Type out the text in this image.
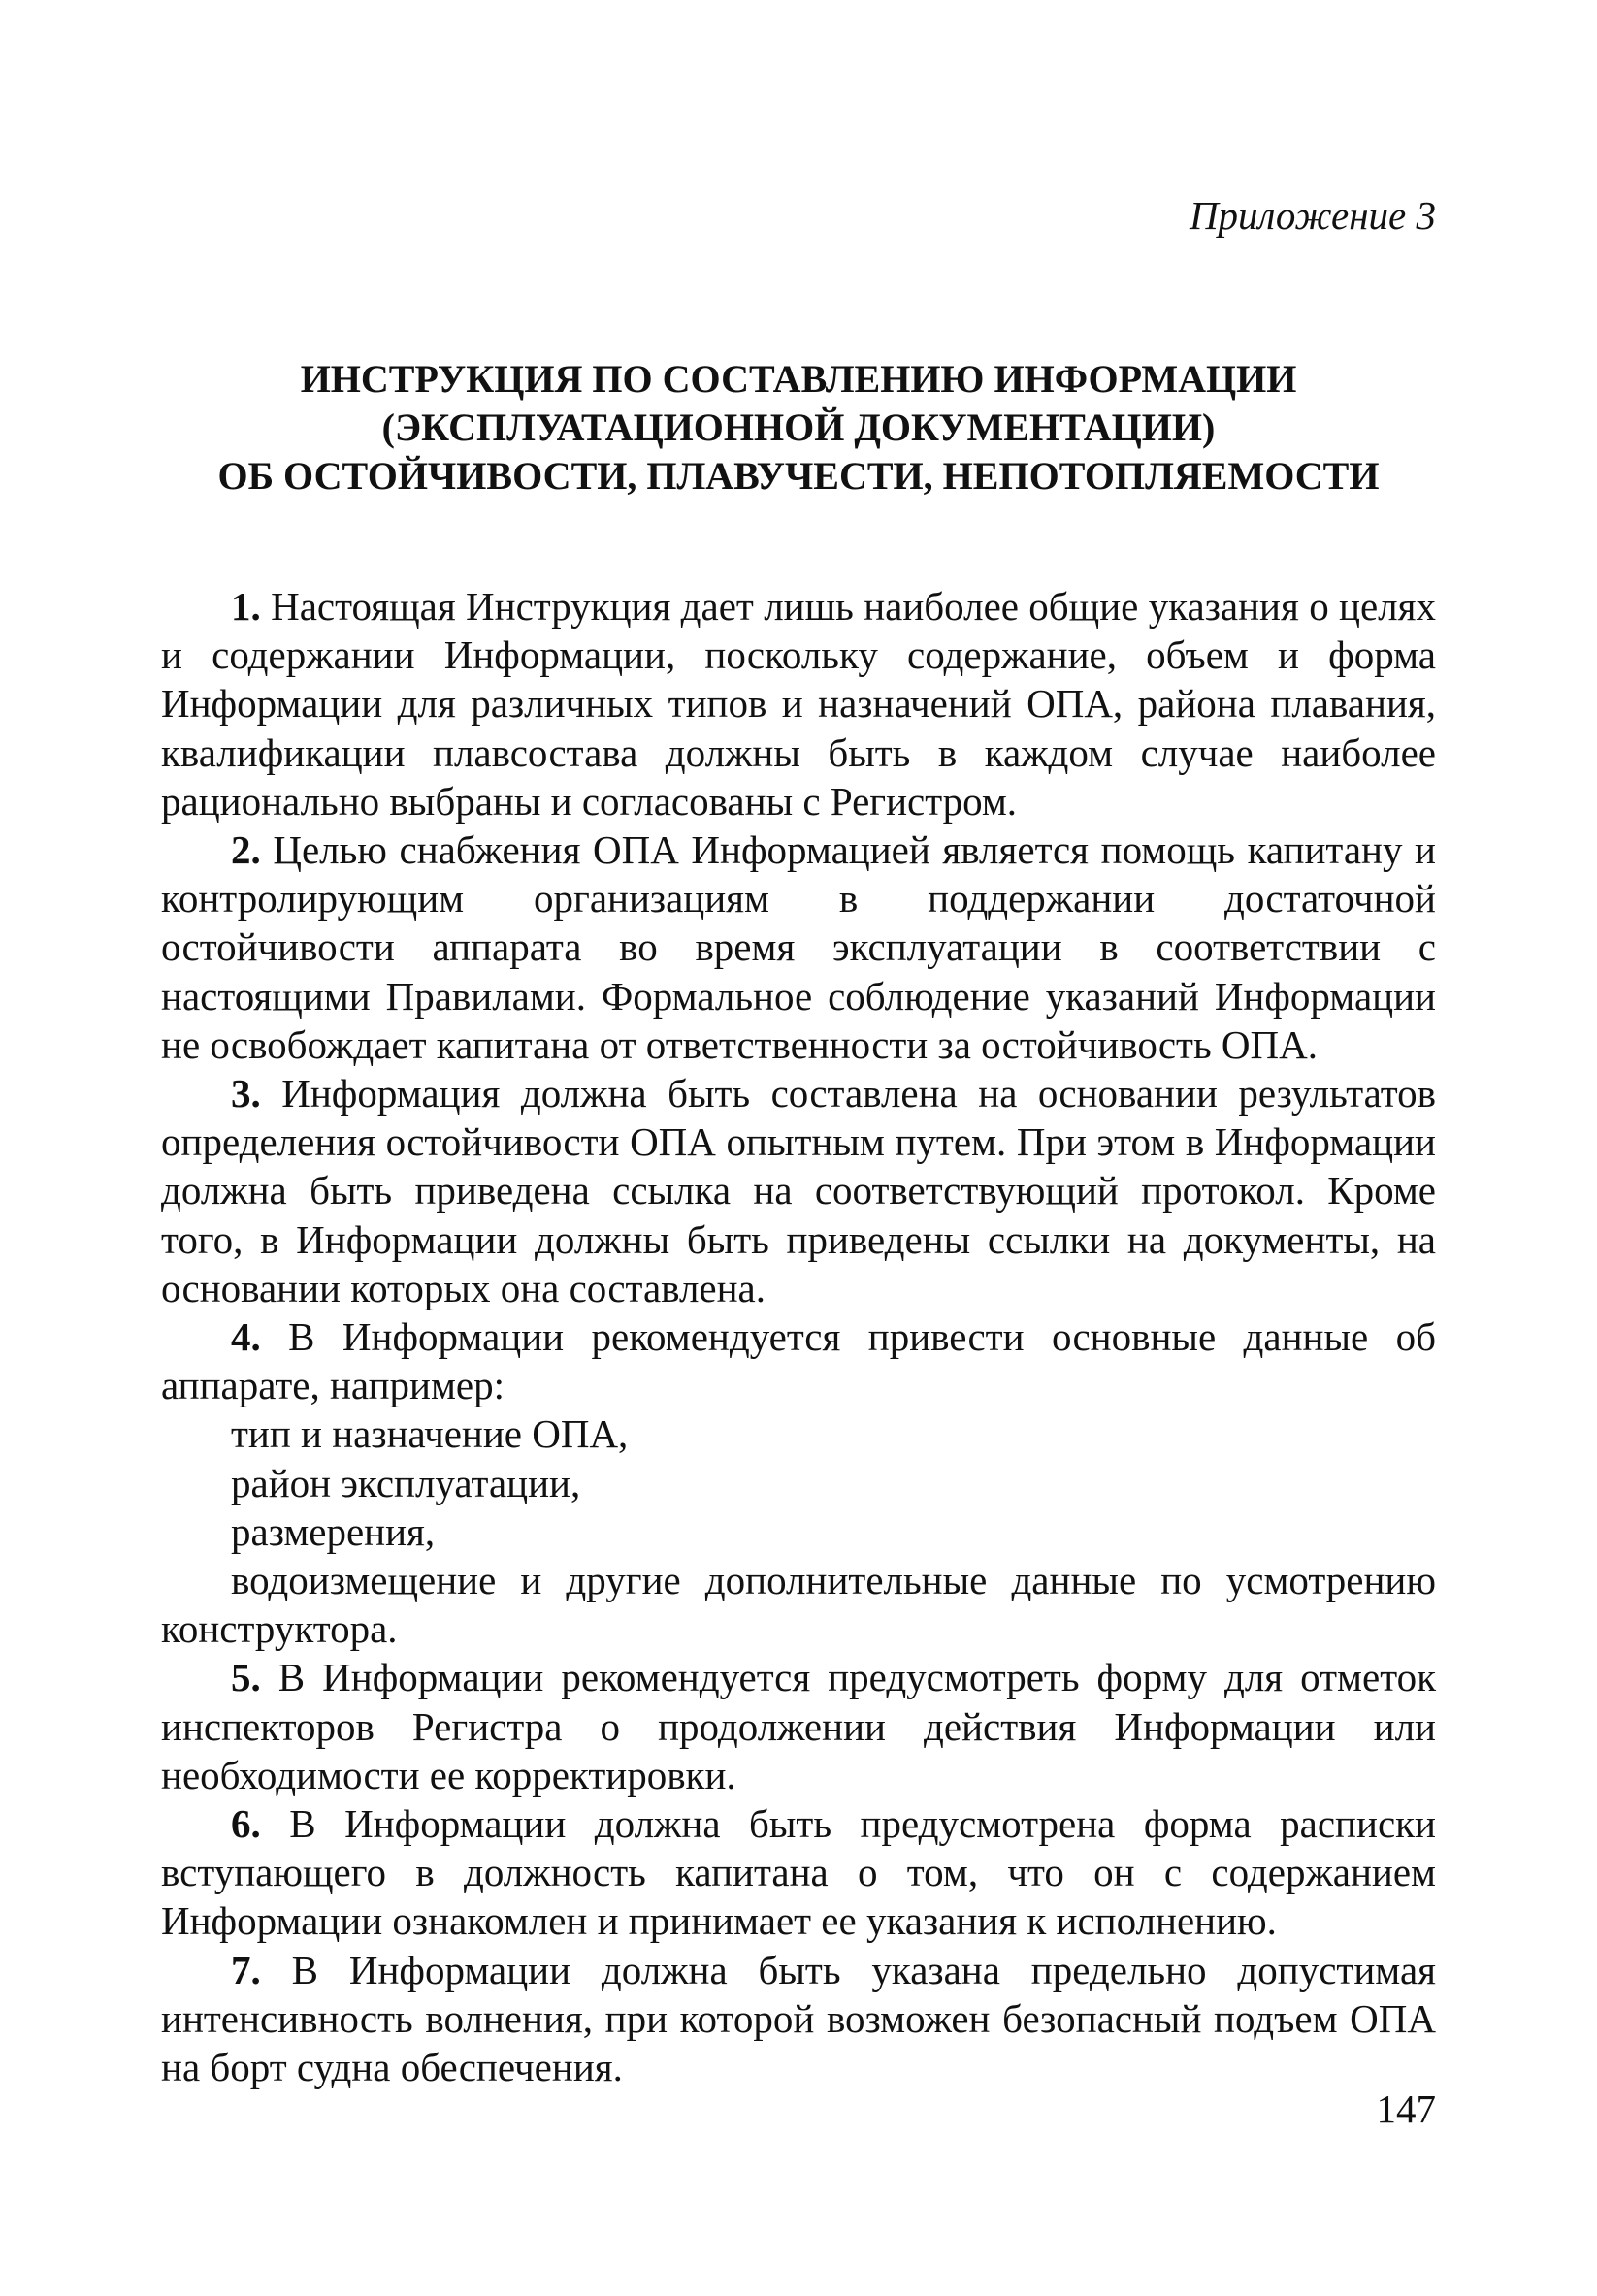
Приложение 3
ИНСТРУКЦИЯ ПО СОСТАВЛЕНИЮ ИНФОРМАЦИИ
(ЭКСПЛУАТАЦИОННОЙ ДОКУМЕНТАЦИИ)
ОБ ОСТОЙЧИВОСТИ, ПЛАВУЧЕСТИ, НЕПОТОПЛЯЕМОСТИ

1. Настоящая Инструкция дает лишь наиболее общие указания о целях и содержании Информации, поскольку содержание, объем и форма Информации для различных типов и назначений ОПА, района плавания, квалификации плавсостава должны быть в каждом случае наиболее рационально выбраны и согласованы с Регистром.

2. Целью снабжения ОПА Информацией является помощь капитану и контролирующим организациям в поддержании достаточной остойчивости аппарата во время эксплуатации в соответствии с настоящими Правилами. Формальное соблюдение указаний Информации не освобождает капитана от ответственности за остойчивость ОПА.

3. Информация должна быть составлена на основании результатов определения остойчивости ОПА опытным путем. При этом в Информации должна быть приведена ссылка на соответствующий протокол. Кроме того, в Информации должны быть приведены ссылки на документы, на основании которых она составлена.

4. В Информации рекомендуется привести основные данные об аппарате, например:

тип и назначение ОПА,

район эксплуатации,

размерения,

водоизмещение и другие дополнительные данные по усмотрению конструктора.

5. В Информации рекомендуется предусмотреть форму для отметок инспекторов Регистра о продолжении действия Информации или необходимости ее корректировки.

6. В Информации должна быть предусмотрена форма расписки вступающего в должность капитана о том, что он с содержанием Информации ознакомлен и принимает ее указания к исполнению.

7. В Информации должна быть указана предельно допустимая интенсивность волнения, при которой возможен безопасный подъем ОПА на борт судна обеспечения.

147
